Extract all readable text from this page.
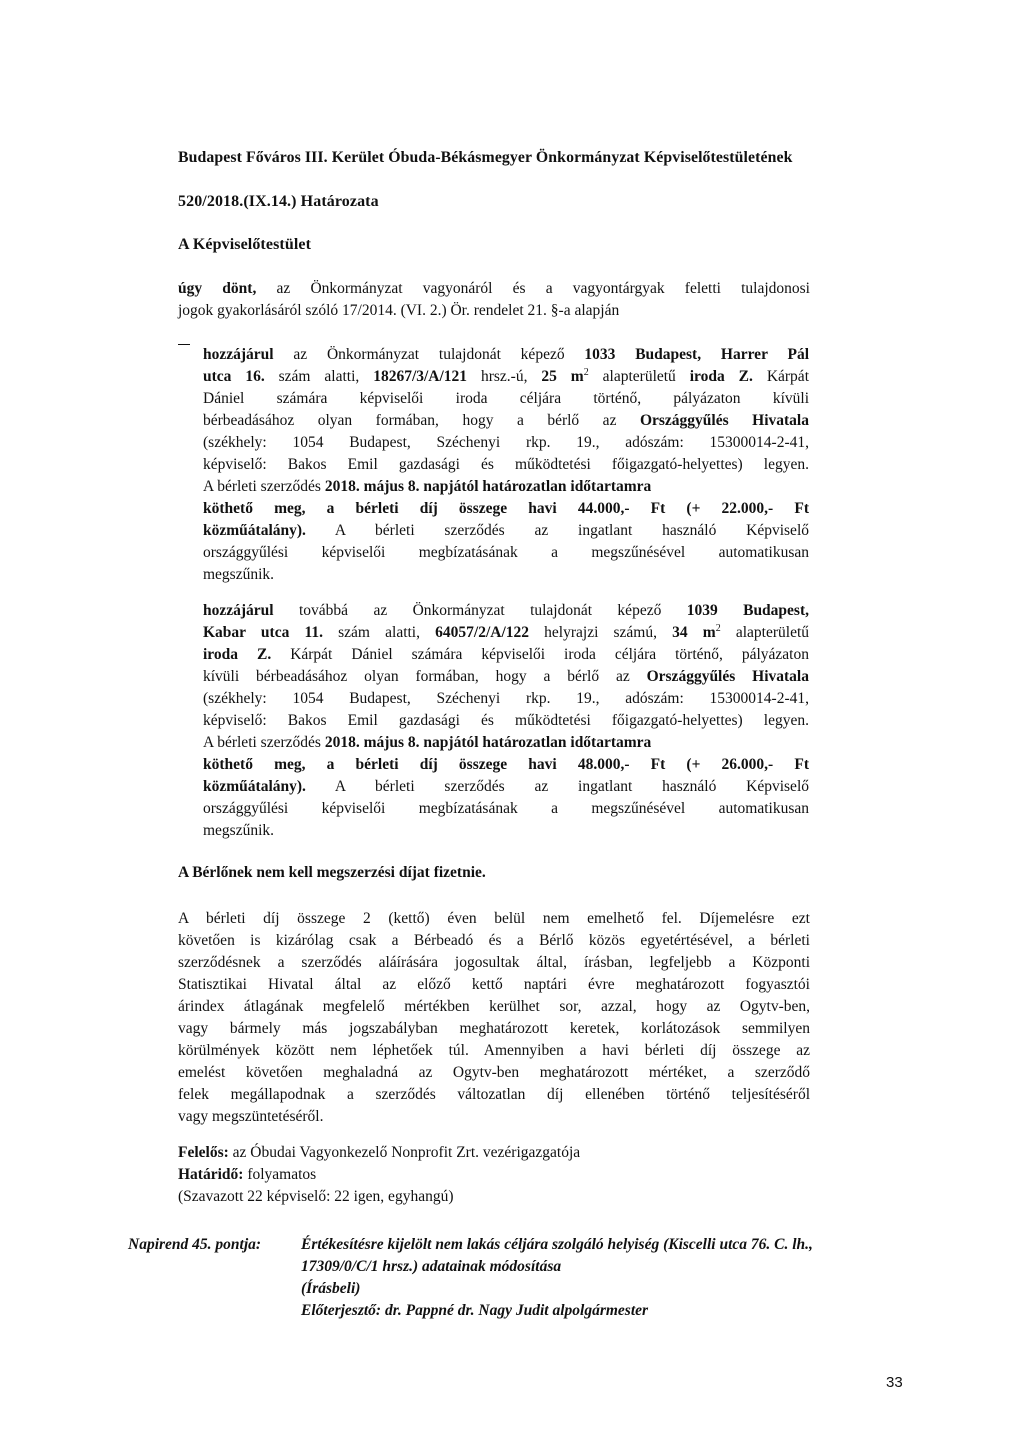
Budapest Főváros III. Kerület Óbuda-Békásmegyer Önkormányzat Képviselőtestületének
520/2018.(IX.14.) Határozata
A Képviselőtestület
úgy dönt, az Önkormányzat vagyonáról és a vagyontárgyak feletti tulajdonosi
jogok gyakorlásáról szóló 17/2014. (VI. 2.) Ör. rendelet 21. §-a alapján
hozzájárul az Önkormányzat tulajdonát képező 1033 Budapest, Harrer Pál
utca 16. szám alatti, 18267/3/A/121 hrsz.-ú, 25 $m^2$ alapterületű iroda Z. Kárpát
Dániel számára képviselői iroda céljára történő, pályázaton kívüli
bérbeadásához olyan formában, hogy a bérlő az Országgyűlés Hivatala
(székhely: 1054 Budapest, Széchenyi rkp. 19., adószám: 15300014-2-41,
képviselő: Bakos Emil gazdasági és működtetési főigazgató-helyettes) legyen.
A bérleti szerződés 2018. május 8. napjától határozatlan időtartamra
köthető meg, a bérleti díj összege havi 44.000,- Ft (+ 22.000,- Ft
közműátalány). A bérleti szerződés az ingatlant használó Képviselő
országgyűlési képviselői megbízatásának a megszűnésével automatikusan
megszűnik.
hozzájárul továbbá az Önkormányzat tulajdonát képező 1039 Budapest,
Kabar utca 11. szám alatti, 64057/2/A/122 helyrajzi számú, 34 $m^2$ alapterületű
iroda Z. Kárpát Dániel számára képviselői iroda céljára történő, pályázaton
kívüli bérbeadásához olyan formában, hogy a bérlő az Országgyűlés Hivatala
(székhely: 1054 Budapest, Széchenyi rkp. 19., adószám: 15300014-2-41,
képviselő: Bakos Emil gazdasági és működtetési főigazgató-helyettes) legyen.
A bérleti szerződés 2018. május 8. napjától határozatlan időtartamra
köthető meg, a bérleti díj összege havi 48.000,- Ft (+ 26.000,- Ft
közműátalány). A bérleti szerződés az ingatlant használó Képviselő
országgyűlési képviselői megbízatásának a megszűnésével automatikusan
megszűnik.
A Bérlőnek nem kell megszerzési díjat fizetnie.
A bérleti díj összege 2 (kettő) éven belül nem emelhető fel. Díjemelésre ezt
követően is kizárólag csak a Bérbeadó és a Bérlő közös egyetértésével, a bérleti
szerződésnek a szerződés aláírására jogosultak által, írásban, legfeljebb a Központi
Statisztikai Hivatal által az előző kettő naptári évre meghatározott fogyasztói
árindex átlagának megfelelő mértékben kerülhet sor, azzal, hogy az Ogytv-ben,
vagy bármely más jogszabályban meghatározott keretek, korlátozások semmilyen
körülmények között nem léphetőek túl. Amennyiben a havi bérleti díj összege az
emelést követően meghaladná az Ogytv-ben meghatározott mértéket, a szerződő
felek megállapodnak a szerződés változatlan díj ellenében történő teljesítéséről
vagy megszüntetéséről.
Felelős: az Óbudai Vagyonkezelő Nonprofit Zrt. vezérigazgatója
Határidő: folyamatos
(Szavazott 22 képviselő: 22 igen, egyhangú)
Napirend 45. pontja:	Értékesítésre kijelölt nem lakás céljára szolgáló helyiség (Kiscelli utca 76. C. lh.,
17309/0/C/1 hrsz.) adatainak módosítása
(Írásbeli)
Előterjesztő: dr. Pappné dr. Nagy Judit alpolgármester
33
